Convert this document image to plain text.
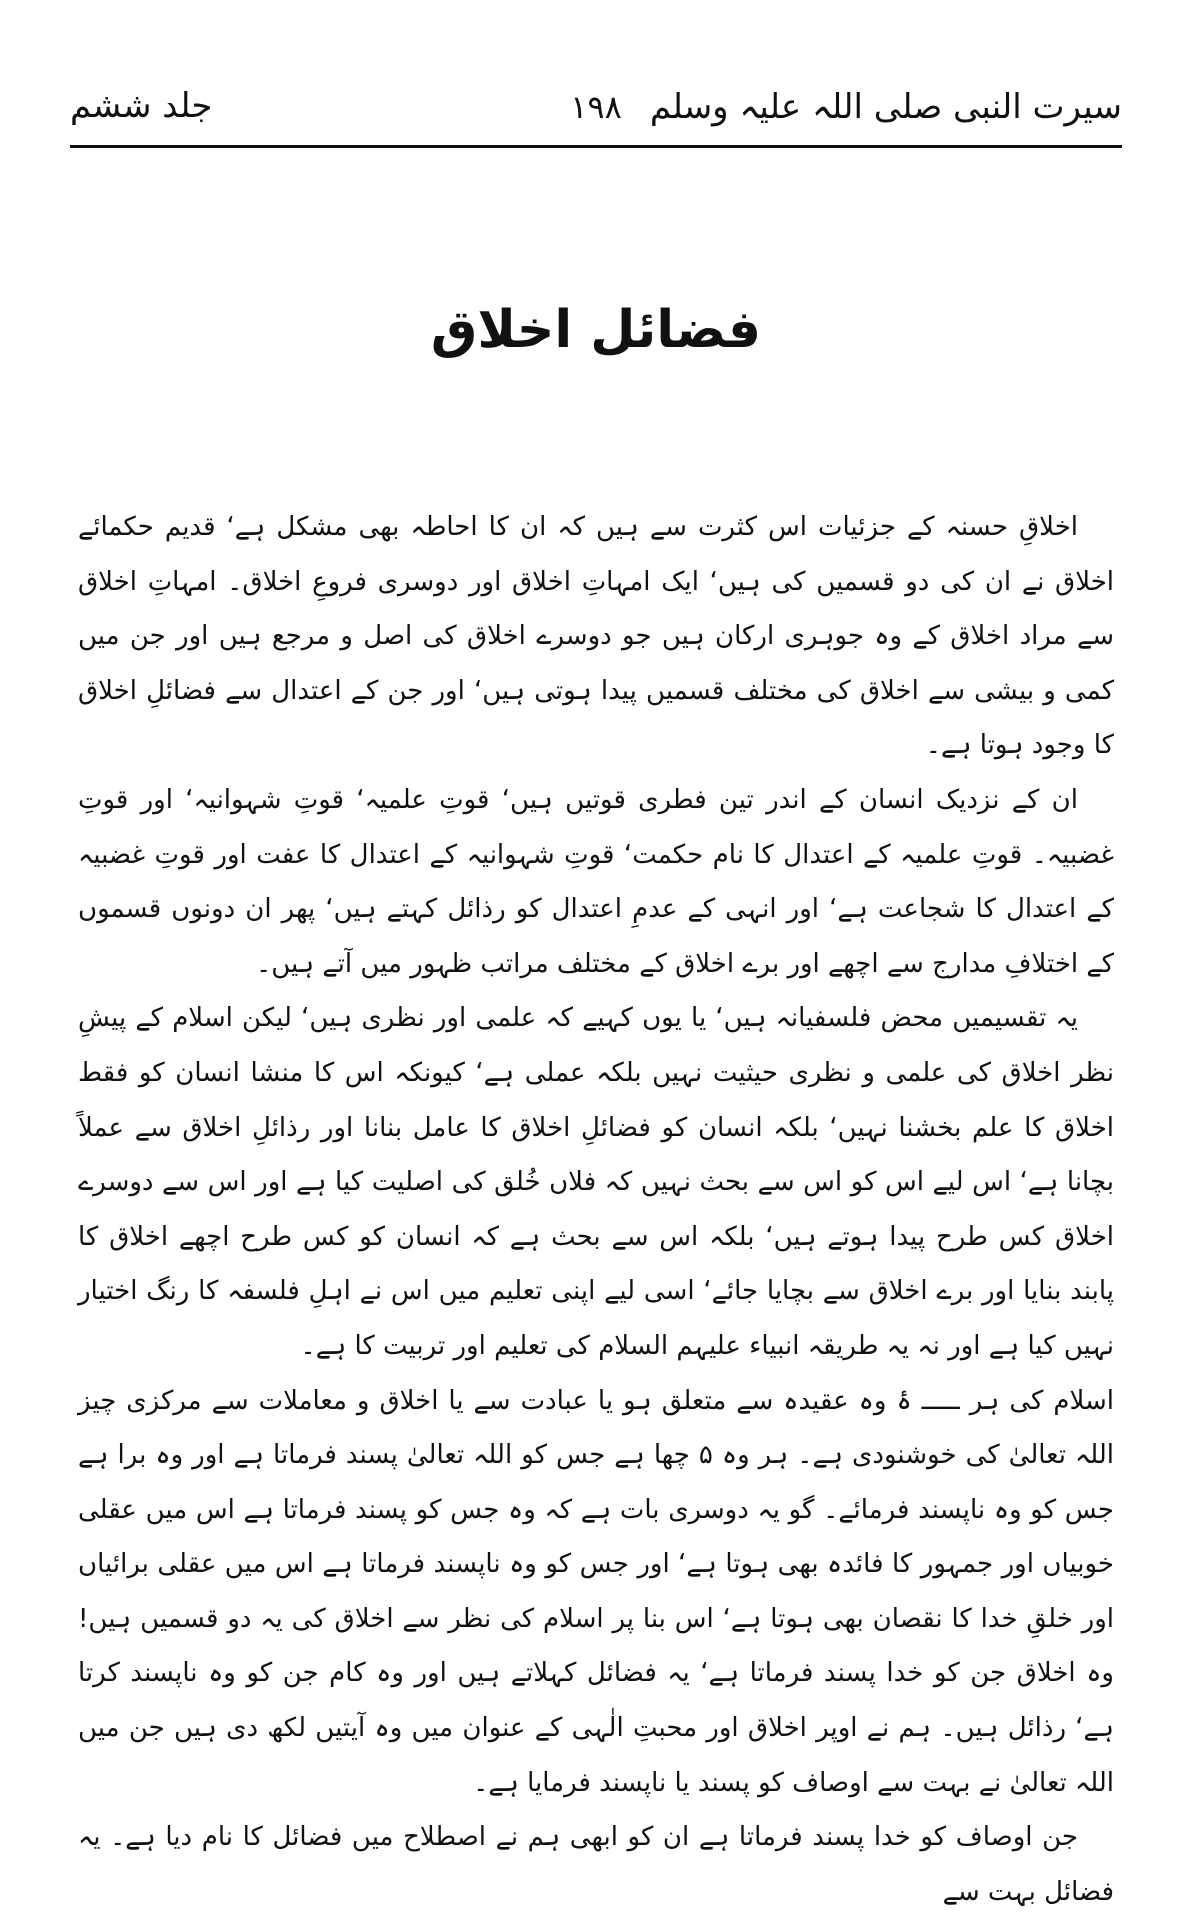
سیرت النبی صلی اللہ علیہ وسلم
۱۹۸
جلد ششم
فضائل اخلاق

اخلاقِ حسنہ کے جزئیات اس کثرت سے ہیں کہ ان کا احاطہ بھی مشکل ہے‘ قدیم حکمائے اخلاق نے ان کی دو قسمیں کی ہیں‘ ایک امہاتِ اخلاق اور دوسری فروعِ اخلاق۔ امہاتِ اخلاق سے مراد اخلاق کے وہ جوہری ارکان ہیں جو دوسرے اخلاق کی اصل و مرجع ہیں اور جن میں کمی و بیشی سے اخلاق کی مختلف قسمیں پیدا ہوتی ہیں‘ اور جن کے اعتدال سے فضائلِ اخلاق کا وجود ہوتا ہے۔

ان کے نزدیک انسان کے اندر تین فطری قوتیں ہیں‘ قوتِ علمیہ‘ قوتِ شہوانیہ‘ اور قوتِ غضبیہ۔ قوتِ علمیہ کے اعتدال کا نام حکمت‘ قوتِ شہوانیہ کے اعتدال کا عفت اور قوتِ غضبیہ کے اعتدال کا شجاعت ہے‘ اور انہی کے عدمِ اعتدال کو رذائل کہتے ہیں‘ پھر ان دونوں قسموں کے اختلافِ مدارج سے اچھے اور برے اخلاق کے مختلف مراتب ظہور میں آتے ہیں۔

یہ تقسیمیں محض فلسفیانہ ہیں‘ یا یوں کہیے کہ علمی اور نظری ہیں‘ لیکن اسلام کے پیشِ نظر اخلاق کی علمی و نظری حیثیت نہیں بلکہ عملی ہے‘ کیونکہ اس کا منشا انسان کو فقط اخلاق کا علم بخشنا نہیں‘ بلکہ انسان کو فضائلِ اخلاق کا عامل بنانا اور رذائلِ اخلاق سے عملاً بچانا ہے‘ اس لیے اس کو اس سے بحث نہیں کہ فلاں خُلق کی اصلیت کیا ہے اور اس سے دوسرے اخلاق کس طرح پیدا ہوتے ہیں‘ بلکہ اس سے بحث ہے کہ انسان کو کس طرح اچھے اخلاق کا پابند بنایا اور برے اخلاق سے بچایا جائے‘ اسی لیے اپنی تعلیم میں اس نے اہلِ فلسفہ کا رنگ اختیار نہیں کیا ہے اور نہ یہ طریقہ انبیاء علیہم السلام کی تعلیم اور تربیت کا ہے۔

اسلام کی ہر ـــــ ۂ وہ عقیدہ سے متعلق ہو یا عبادت سے یا اخلاق و معاملات سے مرکزی چیز اللہ تعالیٰ کی خوشنودی ہے۔ ہر وہ ۵ چھا ہے جس کو اللہ تعالیٰ پسند فرماتا ہے اور وہ برا ہے جس کو وہ ناپسند فرمائے۔ گو یہ دوسری بات ہے کہ وہ جس کو پسند فرماتا ہے اس میں عقلی خوبیاں اور جمہور کا فائدہ بھی ہوتا ہے‘ اور جس کو وہ ناپسند فرماتا ہے اس میں عقلی برائیاں اور خلقِ خدا کا نقصان بھی ہوتا ہے‘ اس بنا پر اسلام کی نظر سے اخلاق کی یہ دو قسمیں ہیں! وہ اخلاق جن کو خدا پسند فرماتا ہے‘ یہ فضائل کہلاتے ہیں اور وہ کام جن کو وہ ناپسند کرتا ہے‘ رذائل ہیں۔ ہم نے اوپر اخلاق اور محبتِ الٰہی کے عنوان میں وہ آیتیں لکھ دی ہیں جن میں اللہ تعالیٰ نے بہت سے اوصاف کو پسند یا ناپسند فرمایا ہے۔

جن اوصاف کو خدا پسند فرماتا ہے ان کو ابھی ہم نے اصطلاح میں فضائل کا نام دیا ہے۔ یہ فضائل بہت سے
